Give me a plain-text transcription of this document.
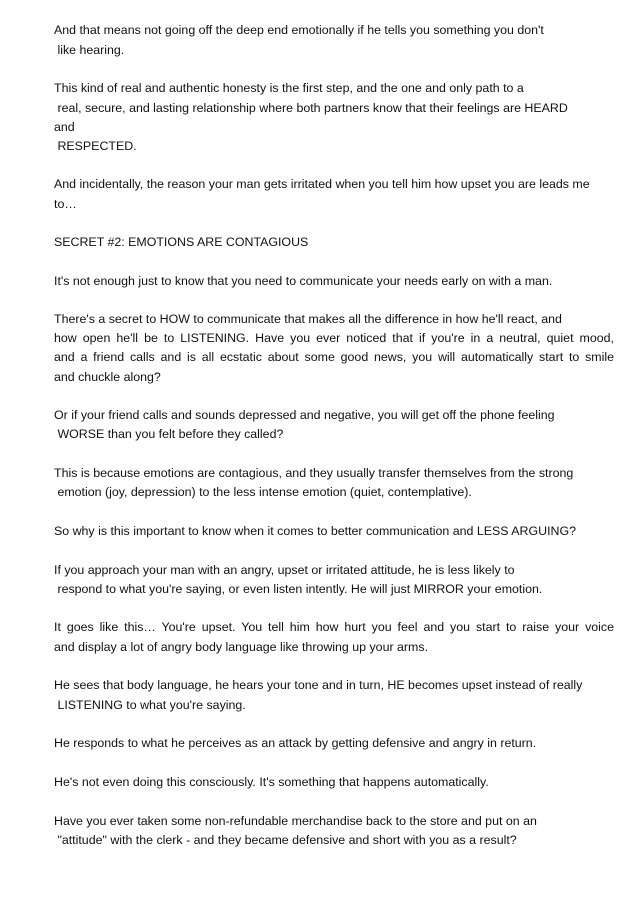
And that means not going off the deep end emotionally if he tells you something you don't
like hearing.
This kind of real and authentic honesty is the first step, and the one and only path to a
real, secure, and lasting relationship where both partners know that their feelings are HEARD
and
RESPECTED.
And incidentally, the reason your man gets irritated when you tell him how upset you are leads me
to…
SECRET #2: EMOTIONS ARE CONTAGIOUS
It's not enough just to know that you need to communicate your needs early on with a man.
There's a secret to HOW to communicate that makes all the difference in how he'll react, and
how open he'll be to LISTENING. Have you ever noticed that if you're in a neutral, quiet mood,
and a friend calls and is all ecstatic about some good news, you will automatically start to smile
and chuckle along?
Or if your friend calls and sounds depressed and negative, you will get off the phone feeling
WORSE than you felt before they called?
This is because emotions are contagious, and they usually transfer themselves from the strong
emotion (joy, depression) to the less intense emotion (quiet, contemplative).
So why is this important to know when it comes to better communication and LESS ARGUING?
If you approach your man with an angry, upset or irritated attitude, he is less likely to
respond to what you're saying, or even listen intently. He will just MIRROR your emotion.
It goes like this… You're upset. You tell him how hurt you feel and you start to raise your voice
and display a lot of angry body language like throwing up your arms.
He sees that body language, he hears your tone and in turn, HE becomes upset instead of really
LISTENING to what you're saying.
He responds to what he perceives as an attack by getting defensive and angry in return.
He's not even doing this consciously. It's something that happens automatically.
Have you ever taken some non-refundable merchandise back to the store and put on an
"attitude" with the clerk - and they became defensive and short with you as a result?
